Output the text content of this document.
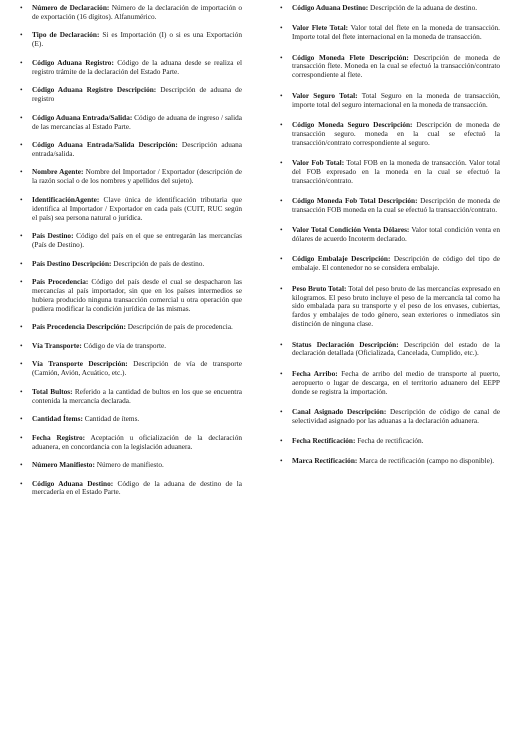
• Número de Declaración: Número de la declaración de importación o de exportación (16 dígitos). Alfanumérico.
• Tipo de Declaración: Si es Importación (I) o si es una Exportación (E).
• Código Aduana Registro: Código de la aduana desde se realiza el registro trámite de la declaración del Estado Parte.
• Código Aduana Registro Descripción: Descripción de aduana de registro
• Código Aduana Entrada/Salida: Código de aduana de ingreso / salida de las mercancías al Estado Parte.
• Código Aduana Entrada/Salida Descripción: Descripción aduana entrada/salida.
• Nombre Agente: Nombre del Importador / Exportador (descripción de la razón social o de los nombres y apellidos del sujeto).
• IdentificaciónAgente: Clave única de identificación tributaria que identifica al Importador / Exportador en cada país (CUIT, RUC según el país) sea persona natural o jurídica.
• País Destino: Código del país en el que se entregarán las mercancías (País de Destino).
• País Destino Descripción: Descripción de país de destino.
• País Procedencia: Código del país desde el cual se despacharon las mercancías al país importador, sin que en los países intermedios se hubiera producido ninguna transacción comercial u otra operación que pudiera modificar la condición jurídica de las mismas.
• País Procedencia Descripción: Descripción de país de procedencia.
• Vía Transporte: Código de vía de transporte.
• Vía Transporte Descripción: Descripción de vía de transporte (Camión, Avión, Acuático, etc.).
• Total Bultos: Referido a la cantidad de bultos en los que se encuentra contenida la mercancía declarada.
• Cantidad Ítems: Cantidad de ítems.
• Fecha Registro: Aceptación u oficialización de la declaración aduanera, en concordancia con la legislación aduanera.
• Número Manifiesto: Número de manifiesto.
• Código Aduana Destino: Código de la aduana de destino de la mercadería en el Estado Parte.
• Código Aduana Destino: Descripción de la aduana de destino.
• Valor Flete Total: Valor total del flete en la moneda de transacción. Importe total del flete internacional en la moneda de transacción.
• Código Moneda Flete Descripción: Descripción de moneda de transacción flete. Moneda en la cual se efectuó la transacción/contrato correspondiente al flete.
• Valor Seguro Total: Total Seguro en la moneda de transacción, importe total del seguro internacional en la moneda de transacción.
• Código Moneda Seguro Descripción: Descripción de moneda de transacción seguro. moneda en la cual se efectuó la transacción/contrato correspondiente al seguro.
• Valor Fob Total: Total FOB en la moneda de transacción. Valor total del FOB expresado en la moneda en la cual se efectuó la transacción/contrato.
• Código Moneda Fob Total Descripción: Descripción de moneda de transacción FOB moneda en la cual se efectuó la transacción/contrato.
• Valor Total Condición Venta Dólares: Valor total condición venta en dólares de acuerdo Incoterm declarado.
• Código Embalaje Descripción: Descripción de código del tipo de embalaje. El contenedor no se considera embalaje.
• Peso Bruto Total: Total del peso bruto de las mercancías expresado en kilogramos. El peso bruto incluye el peso de la mercancía tal como ha sido embalada para su transporte y el peso de los envases, cubiertas, fardos y embalajes de todo género, sean exteriores o inmediatos sin distinción de ninguna clase.
• Status Declaración Descripción: Descripción del estado de la declaración detallada (Oficializada, Cancelada, Cumplido, etc.).
• Fecha Arribo: Fecha de arribo del medio de transporte al puerto, aeropuerto o lugar de descarga, en el territorio aduanero del EEPP donde se registra la importación.
• Canal Asignado Descripción: Descripción de código de canal de selectividad asignado por las aduanas a la declaración aduanera.
• Fecha Rectificación: Fecha de rectificación.
• Marca Rectificación: Marca de rectificación (campo no disponible).
